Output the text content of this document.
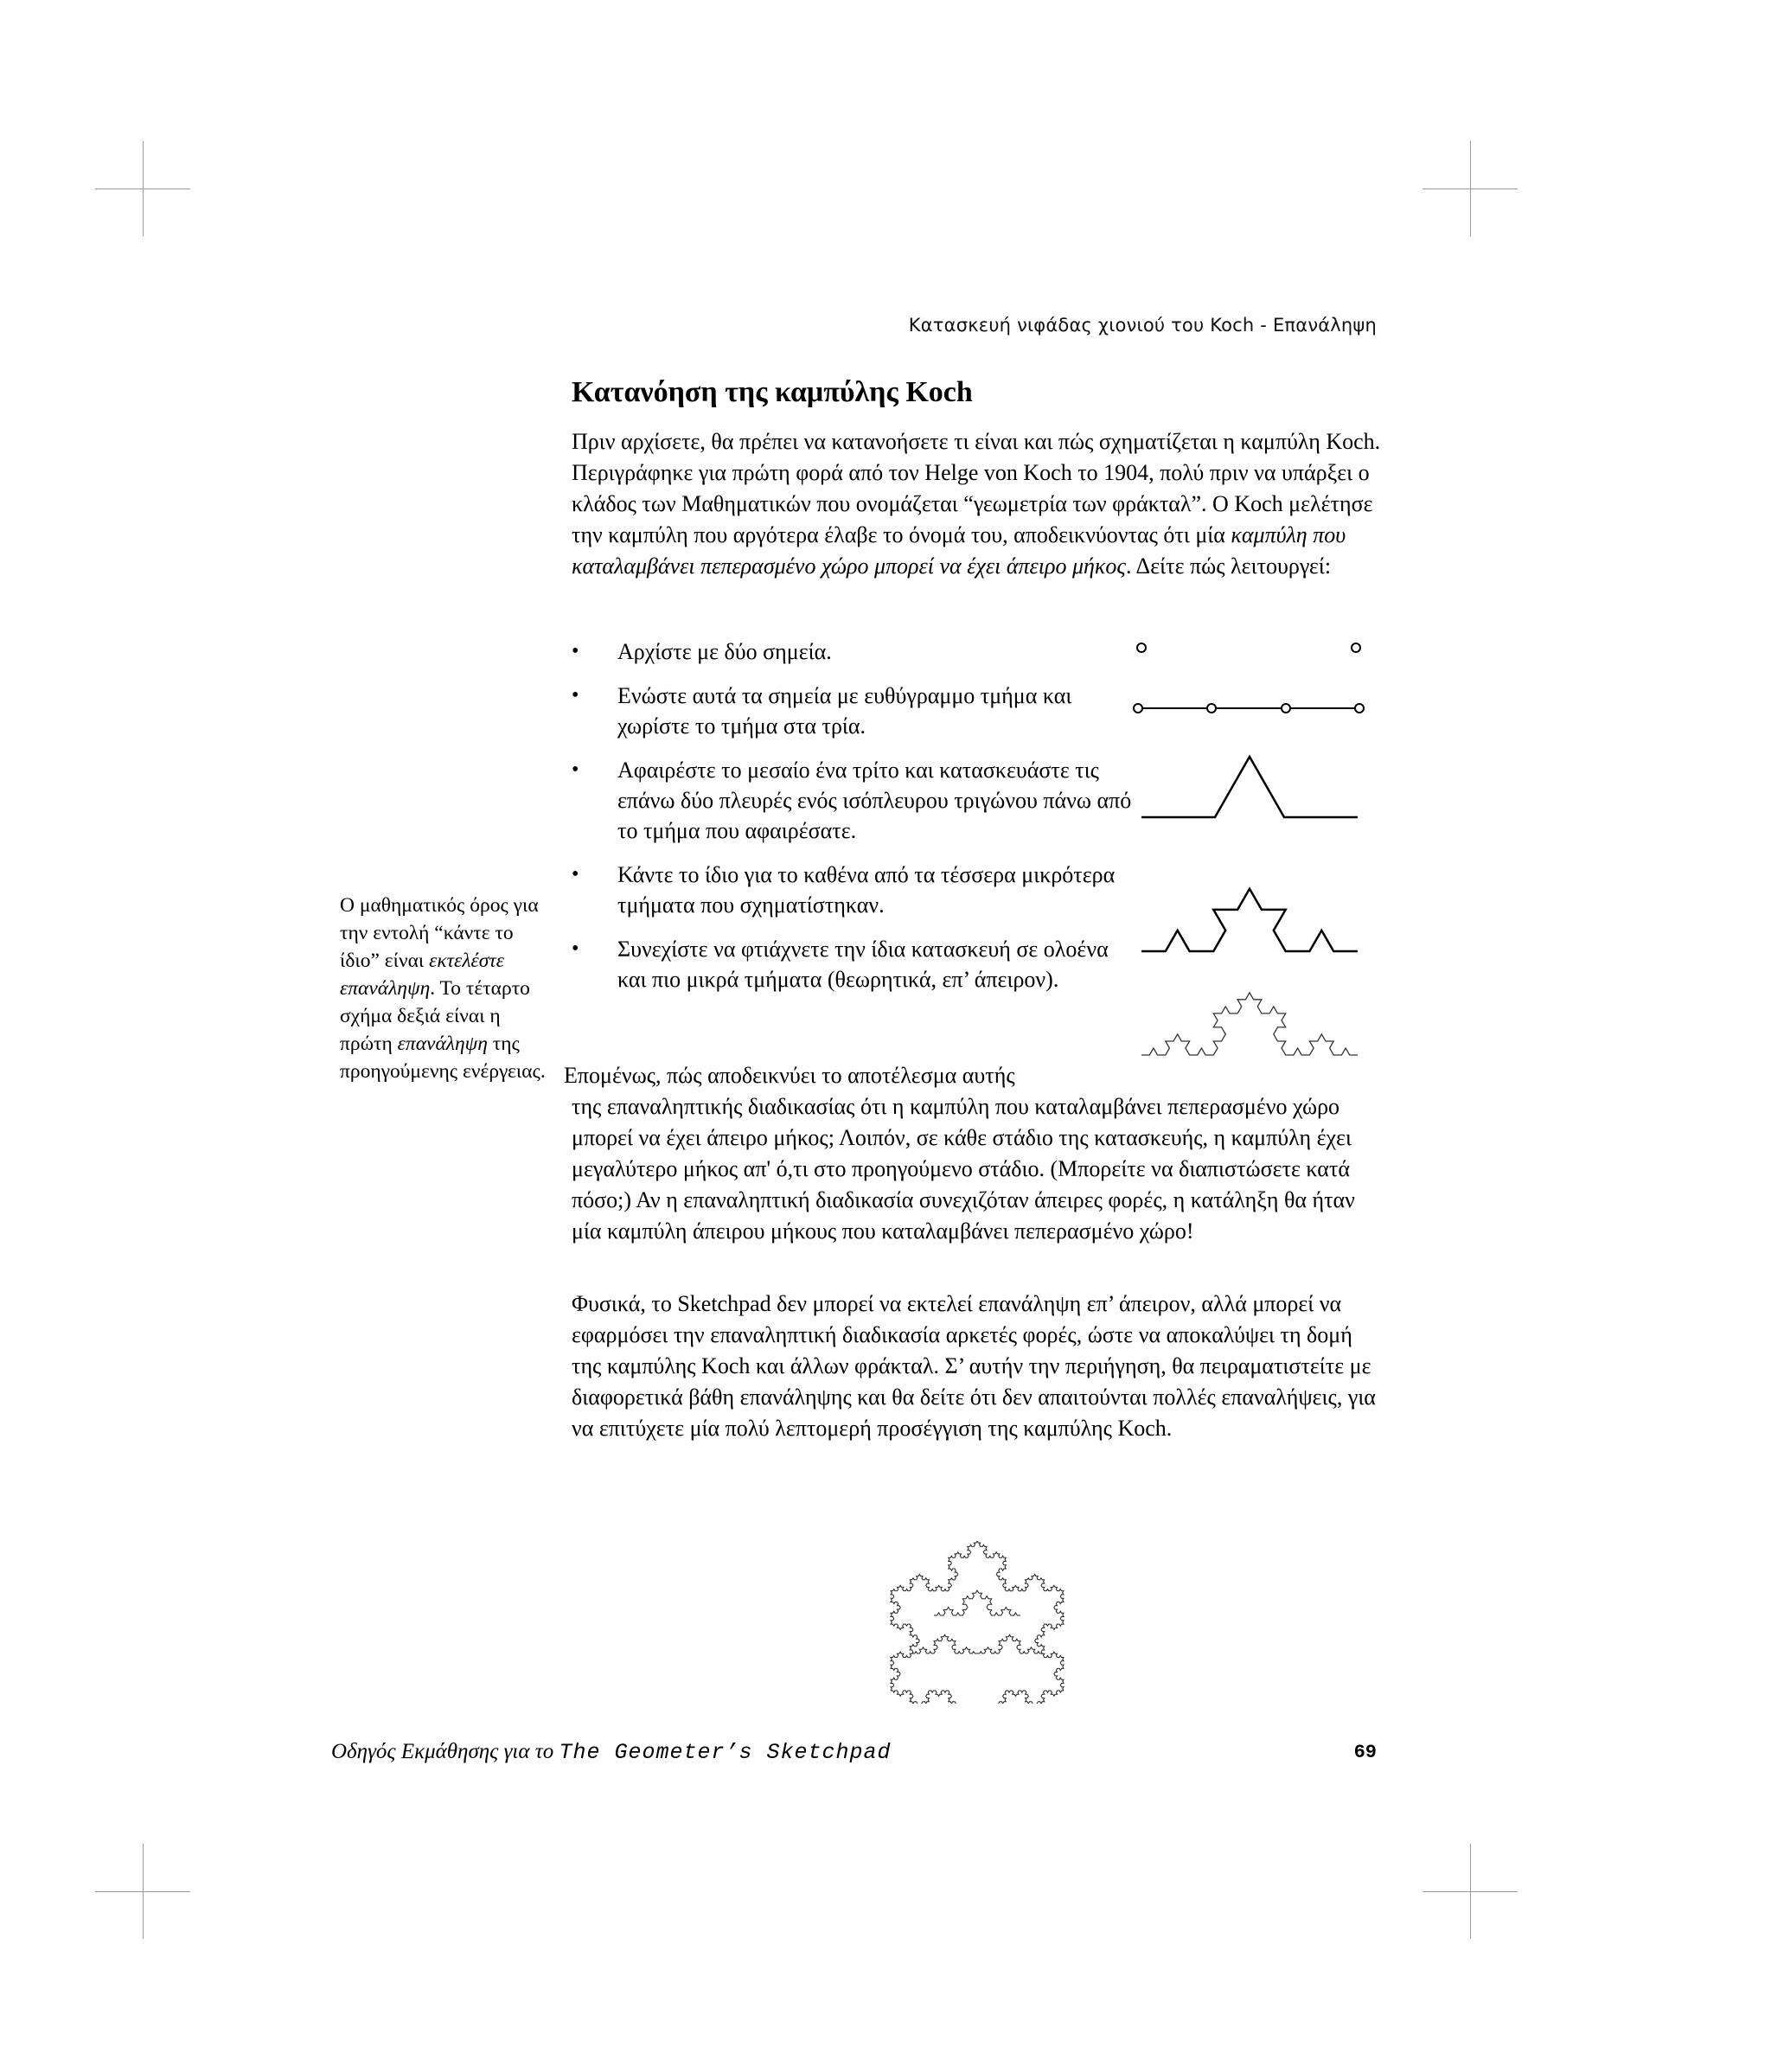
Κατασκευή νιφάδας χιονιού του Koch - Επανάληψη
Κατανόηση της καμπύλης Koch

Πριν αρχίσετε, θα πρέπει να κατανοήσετε τι είναι και πώς σχηματίζεται η καμπύλη Koch. Περιγράφηκε για πρώτη φορά από τον Helge von Koch το 1904, πολύ πριν να υπάρξει ο κλάδος των Μαθηματικών που ονομάζεται “γεωμετρία των φράκταλ”. Ο Koch μελέτησε την καμπύλη που αργότερα έλαβε το όνομά του, αποδεικνύοντας ότι μία καμπύλη που καταλαμβάνει πεπερασμένο χώρο μπορεί να έχει άπειρο μήκος. Δείτε πώς λειτουργεί:

• Αρχίστε με δύο σημεία.
• Ενώστε αυτά τα σημεία με ευθύγραμμο τμήμα και χωρίστε το τμήμα στα τρία.
• Αφαιρέστε το μεσαίο ένα τρίτο και κατασκευάστε τις επάνω δύο πλευρές ενός ισόπλευρου τριγώνου πάνω από το τμήμα που αφαιρέσατε.
• Κάντε το ίδιο για το καθένα από τα τέσσερα μικρότερα τμήματα που σχηματίστηκαν.
• Συνεχίστε να φτιάχνετε την ίδια κατασκευή σε ολοένα και πιο μικρά τμήματα (θεωρητικά, επ’ άπειρον).
Ο μαθηματικός όρος για την εντολή “κάντε το ίδιο” είναι εκτελέστε επανάληψη. Το τέταρτο σχήμα δεξιά είναι η πρώτη επανάληψη της προηγούμενης ενέργειας. Επομένως, πώς αποδεικνύει το αποτέλεσμα αυτής

της επαναληπτικής διαδικασίας ότι η καμπύλη που καταλαμβάνει πεπερασμένο χώρο μπορεί να έχει άπειρο μήκος; Λοιπόν, σε κάθε στάδιο της κατασκευής, η καμπύλη έχει μεγαλύτερο μήκος απ' ό,τι στο προηγούμενο στάδιο. (Μπορείτε να διαπιστώσετε κατά πόσο;) Αν η επαναληπτική διαδικασία συνεχιζόταν άπειρες φορές, η κατάληξη θα ήταν μία καμπύλη άπειρου μήκους που καταλαμβάνει πεπερασμένο χώρο!

Φυσικά, το Sketchpad δεν μπορεί να εκτελεί επανάληψη επ’ άπειρον, αλλά μπορεί να εφαρμόσει την επαναληπτική διαδικασία αρκετές φορές, ώστε να αποκαλύψει τη δομή της καμπύλης Koch και άλλων φράκταλ. Σ’ αυτήν την περιήγηση, θα πειραματιστείτε με διαφορετικά βάθη επανάληψης και θα δείτε ότι δεν απαιτούνται πολλές επαναλήψεις, για να επιτύχετε μία πολύ λεπτομερή προσέγγιση της καμπύλης Koch.

Οδηγός Εκμάθησης για το The Geometer’s Sketchpad	69
